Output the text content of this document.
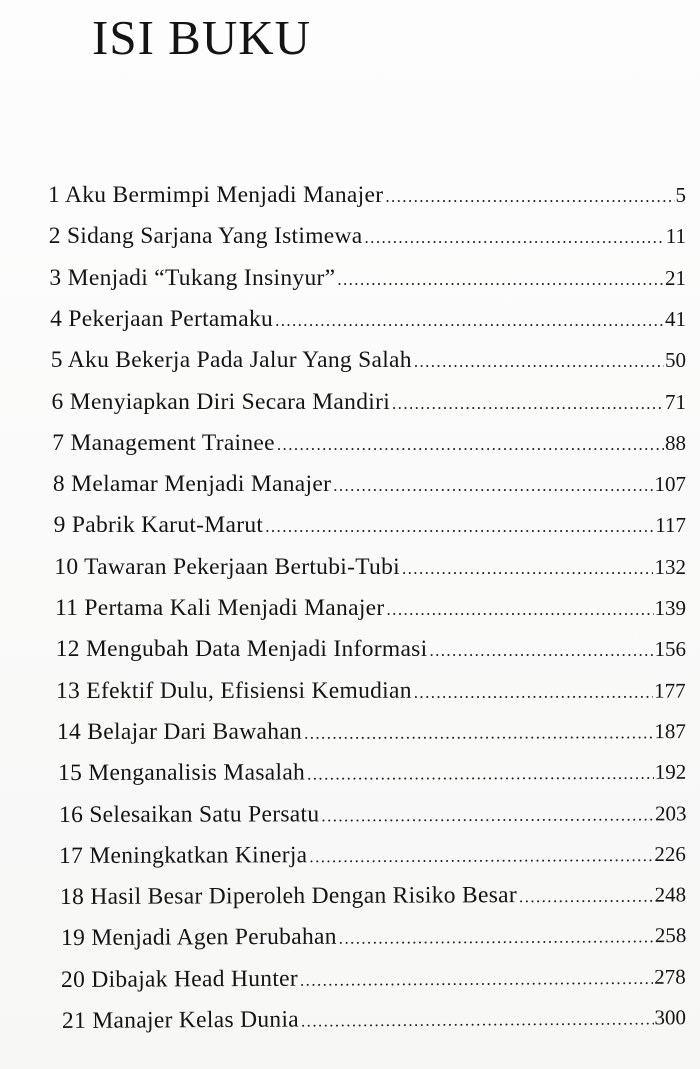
ISI BUKU
1 Aku Bermimpi Menjadi Manajer .....	5
2 Sidang Sarjana Yang Istimewa .....	11
3 Menjadi “Tukang Insinyur” .....	21
4 Pekerjaan Pertamaku .....	41
5 Aku Bekerja Pada Jalur Yang Salah .....	50
6 Menyiapkan Diri Secara Mandiri .....	71
7 Management Trainee .....	88
8 Melamar Menjadi Manajer .....	107
9 Pabrik Karut-Marut .....	117
10 Tawaran Pekerjaan Bertubi-Tubi .....	132
11 Pertama Kali Menjadi Manajer .....	139
12 Mengubah Data Menjadi Informasi .....	156
13 Efektif Dulu, Efisiensi Kemudian .....	177
14 Belajar Dari Bawahan .....	187
15 Menganalisis Masalah .....	192
16 Selesaikan Satu Persatu .....	203
17 Meningkatkan Kinerja .....	226
18 Hasil Besar Diperoleh Dengan Risiko Besar .....	248
19 Menjadi Agen Perubahan .....	258
20 Dibajak Head Hunter .....	278
21 Manajer Kelas Dunia .....	300
